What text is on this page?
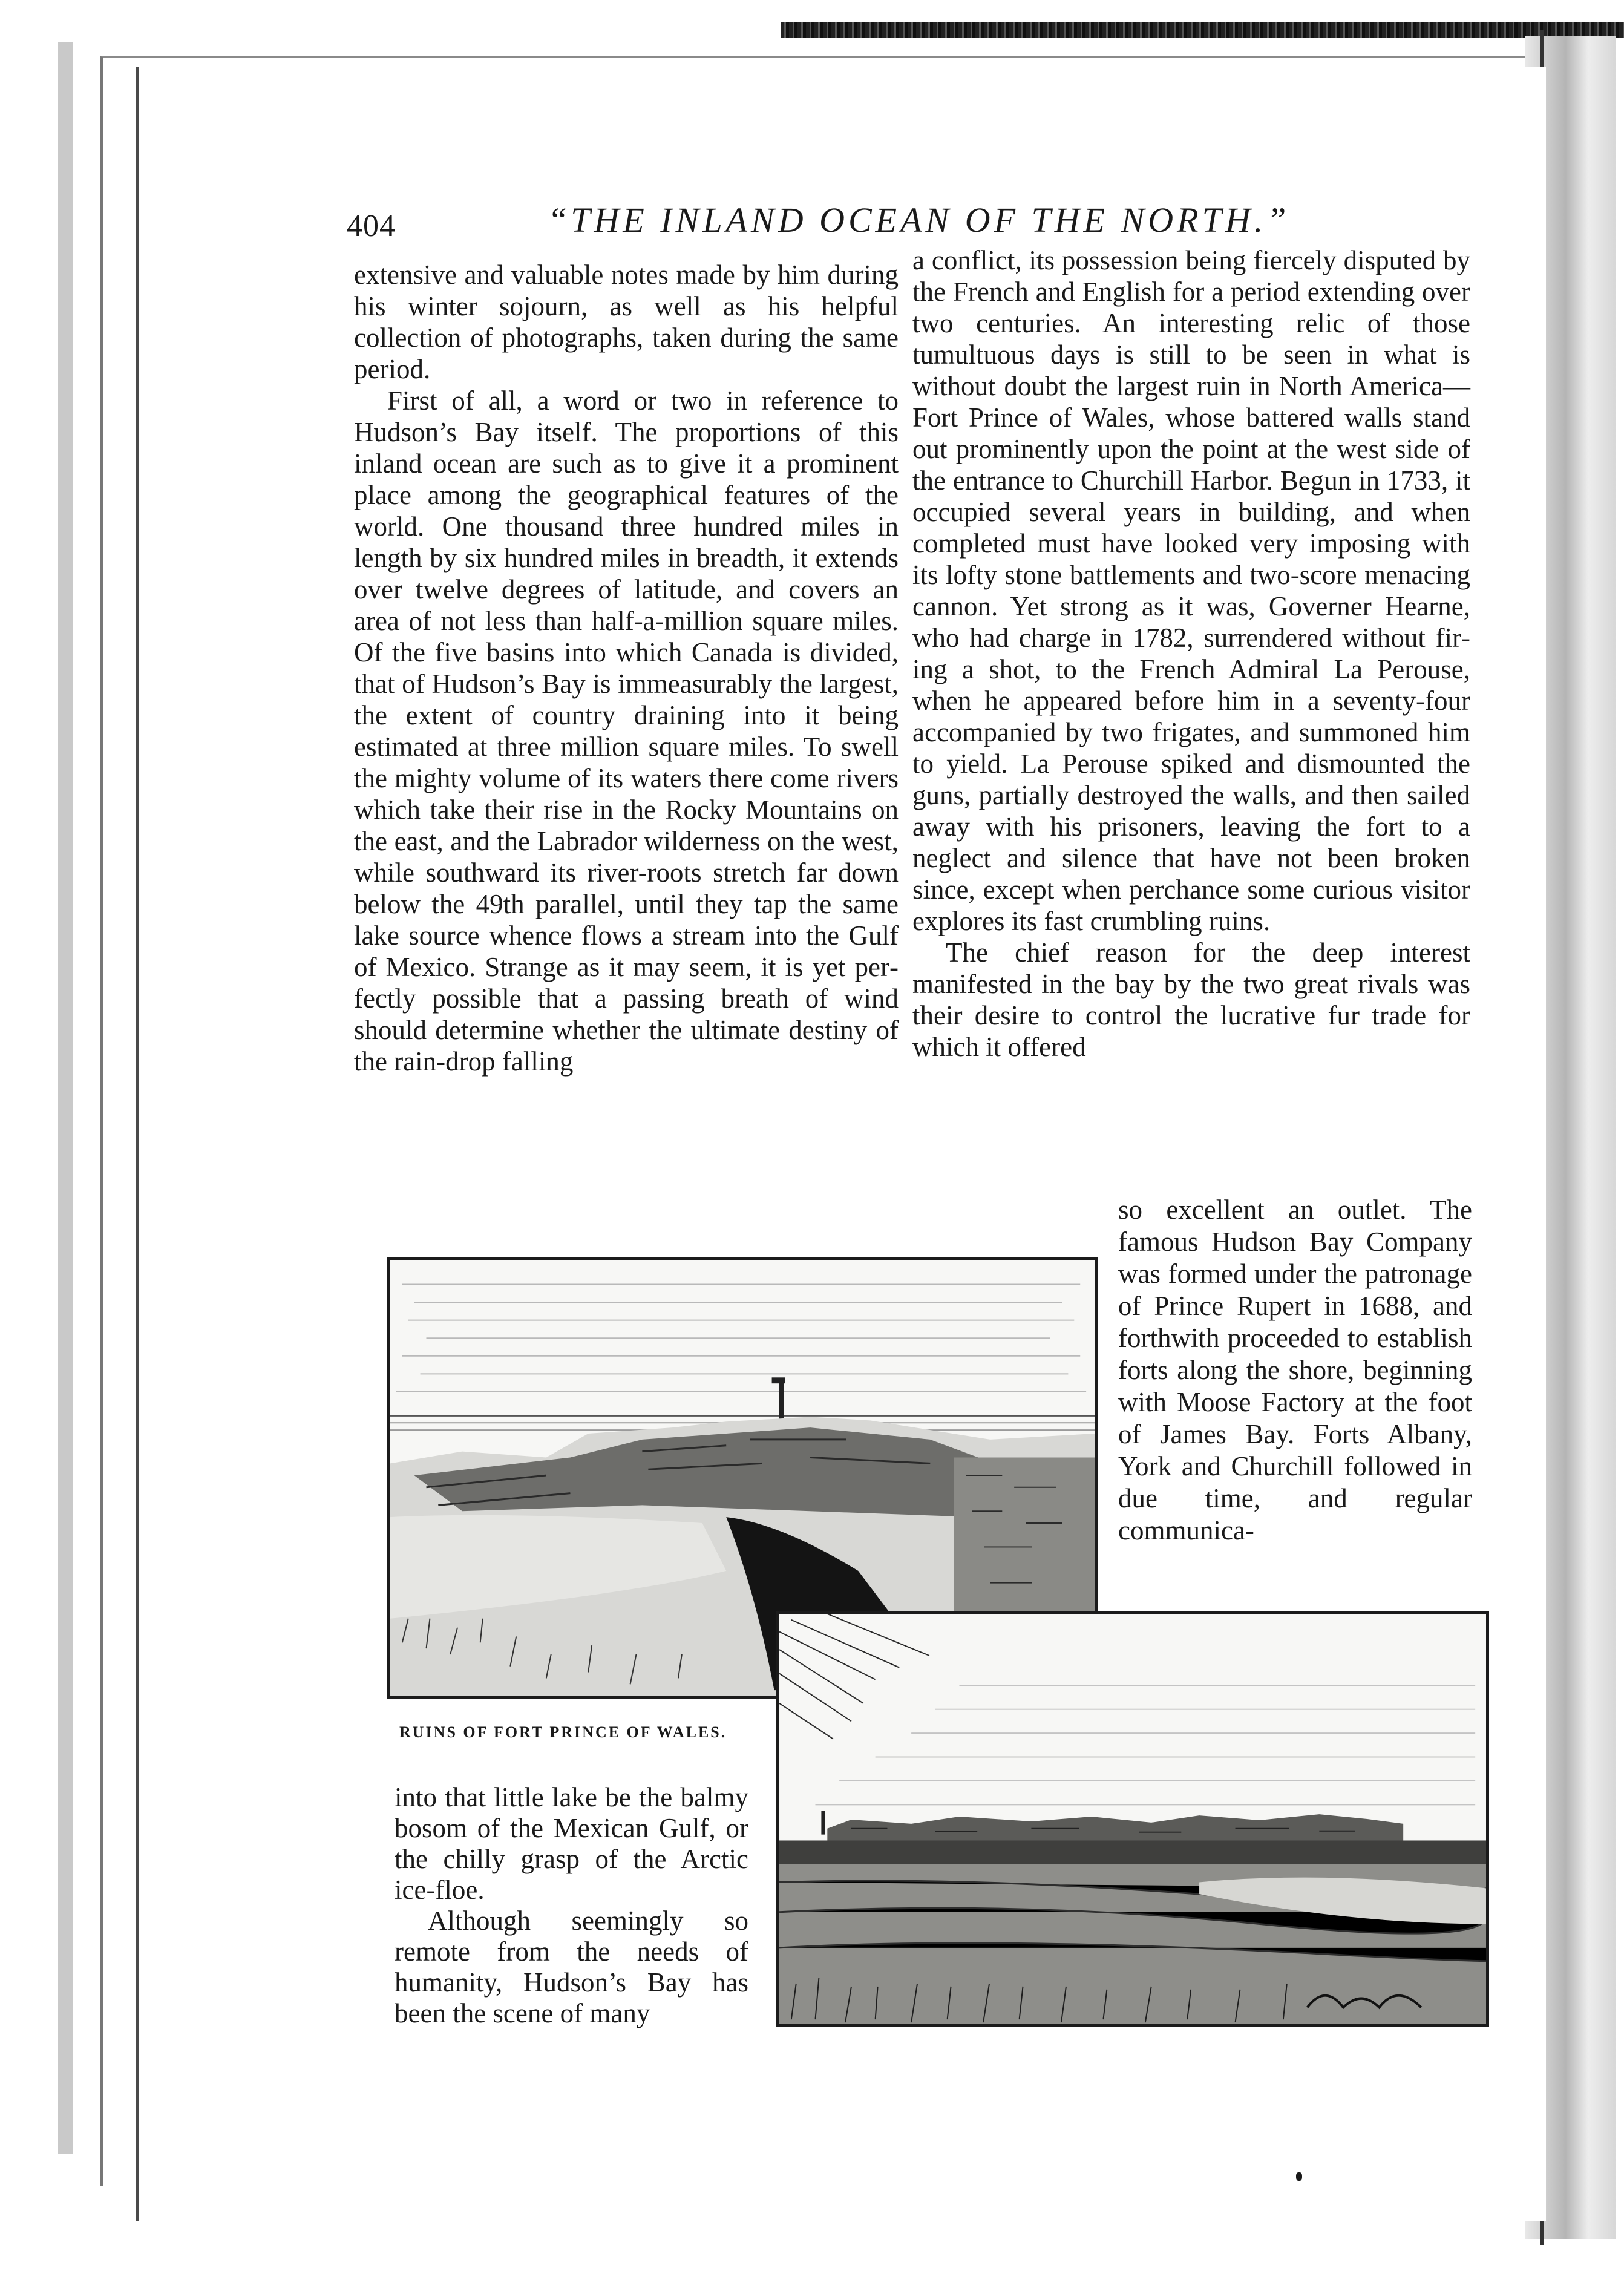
404	“THE INLAND OCEAN OF THE NORTH.”

extensive and valuable notes made by him during his winter sojourn, as well as his helpful collection of photographs, taken during the same period.

First of all, a word or two in reference to Hudson’s Bay itself. The proportions of this inland ocean are such as to give it a prominent place among the geographical features of the world. One thousand three hundred miles in length by six hundred miles in breadth, it extends over twelve degrees of latitude, and covers an area of not less than half-a-million square miles. Of the five basins into which Canada is divided, that of Hudson’s Bay is immeasurably the largest, the extent of country draining into it being estimated at three million square miles. To swell the mighty volume of its waters there come rivers which take their rise in the Rocky Mountains on the east, and the Labrador wilderness on the west, while southward its river-roots stretch far down below the 49th parallel, until they tap the same lake source whence flows a stream into the Gulf of Mexico. Strange as it may seem, it is yet perfectly possible that a passing breath of wind should determine whether the ultimate destiny of the rain-drop falling

a conflict, its possession being fiercely disputed by the French and English for a period extending over two centuries. An interesting relic of those tumultuous days is still to be seen in what is without doubt the largest ruin in North America—Fort Prince of Wales, whose battered walls stand out prominently upon the point at the west side of the entrance to Churchill Harbor. Begun in 1733, it occupied several years in building, and when completed must have looked very imposing with its lofty stone battlements and two-score menacing cannon. Yet strong as it was, Governer Hearne, who had charge in 1782, surrendered without firing a shot, to the French Admiral La Perouse, when he appeared before him in a seventy-four accompanied by two frigates, and summoned him to yield. La Perouse spiked and dismounted the guns, partially destroyed the walls, and then sailed away with his prisoners, leaving the fort to a neglect and silence that have not been broken since, except when perchance some curious visitor explores its fast crumbling ruins.

The chief reason for the deep interest manifested in the bay by the two great rivals was their desire to control the lucrative fur trade for which it offered

so excellent an outlet. The famous Hudson Bay Company was formed under the patronage of Prince Rupert in 1688, and forthwith proceeded to establish forts along the shore, beginning with Moose Factory at the foot of James Bay. Forts Albany, York and Churchill followed in due time, and regular communica-

RUINS OF FORT PRINCE OF WALES.

into that little lake be the balmy bosom of the Mexican Gulf, or the chilly grasp of the Arctic ice-floe.

Although seemingly so remote from the needs of humanity, Hudson’s Bay has been the scene of many
